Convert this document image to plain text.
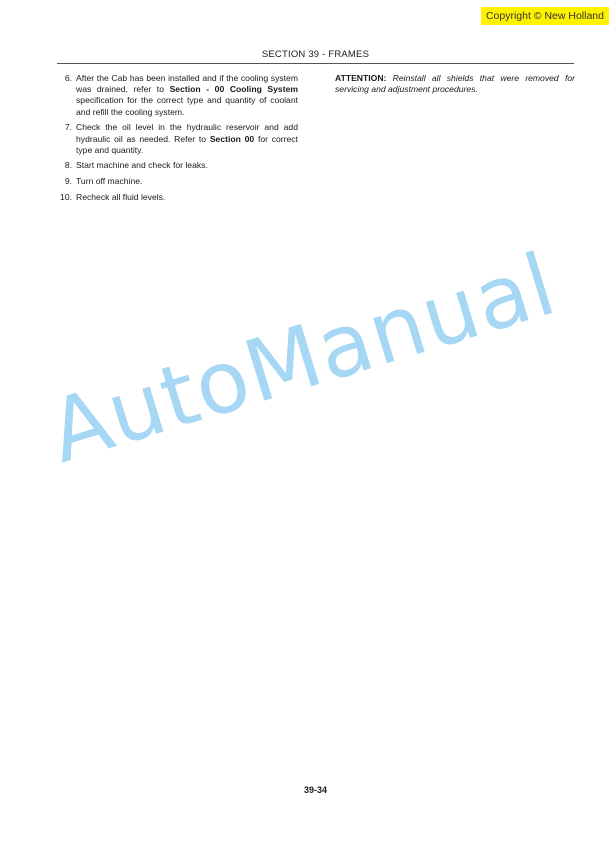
Copyright © New Holland
SECTION 39 - FRAMES
6. After the Cab has been installed and if the cooling system was drained, refer to Section - 00 Cooling System specification for the correct type and quantity of coolant and refill the cooling system.
7. Check the oil level in the hydraulic reservoir and add hydraulic oil as needed. Refer to Section 00 for correct type and quantity.
8. Start machine and check for leaks.
9. Turn off machine.
10. Recheck all fluid levels.
ATTENTION: Reinstall all shields that were removed for servicing and adjustment procedures.
AutoManual
39-34
